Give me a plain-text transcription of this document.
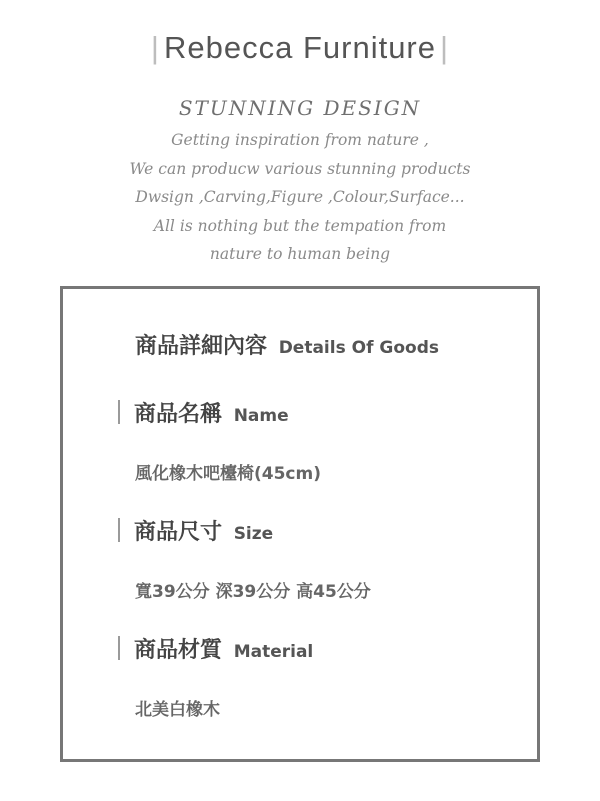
| Rebecca Furniture |
STUNNING DESIGN
Getting inspiration from nature ,
We can producw various stunning products
Dwsign ,Carving,Figure ,Colour,Surface...
All is nothing but the tempation from
nature to human being
商品詳細內容 Details Of Goods
商品名稱 Name
風化橡木吧檯椅(45cm)
商品尺寸 Size
寬39公分 深39公分 高45公分
商品材質 Material
北美白橡木
